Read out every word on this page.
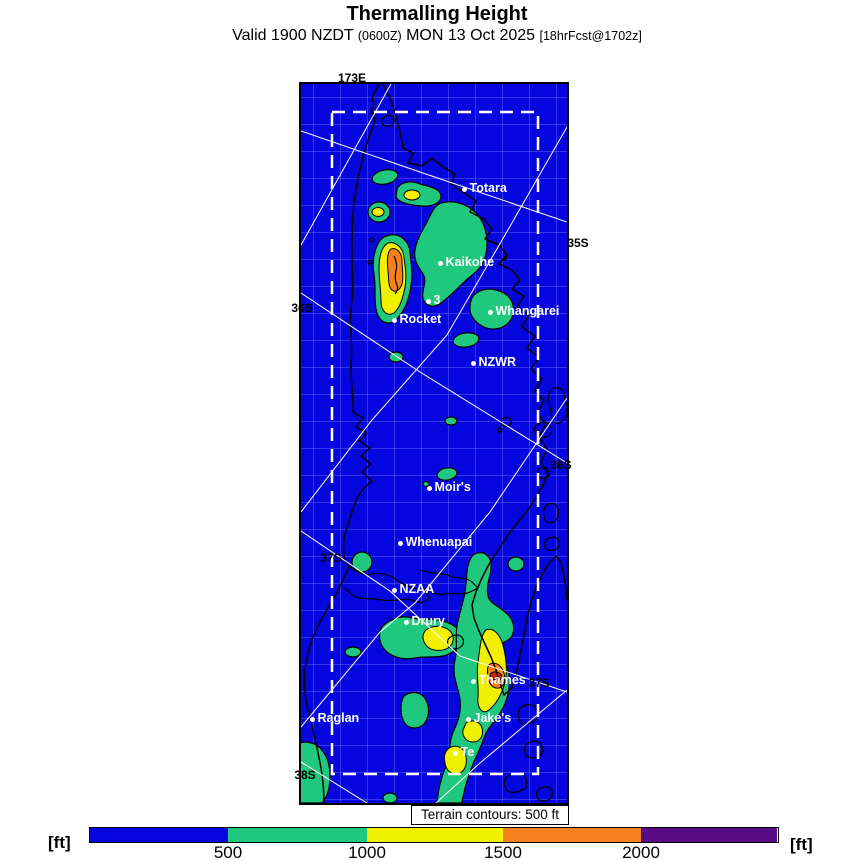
Thermalling Height
Valid 1900 NZDT (0600Z) MON 13 Oct 2025 [18hrFcst@1702z]
Totara
Kaikohe
3
Whangarei
Rocket
NZWR
Moir's
Whenuapai
NZAA
Drury
Thames
Raglan	Jake's
Te
173E
35S
36S
36S
37S
37S
38S
Terrain contours: 500 ft
[ft]	[ft]
500	1000	1500	2000
